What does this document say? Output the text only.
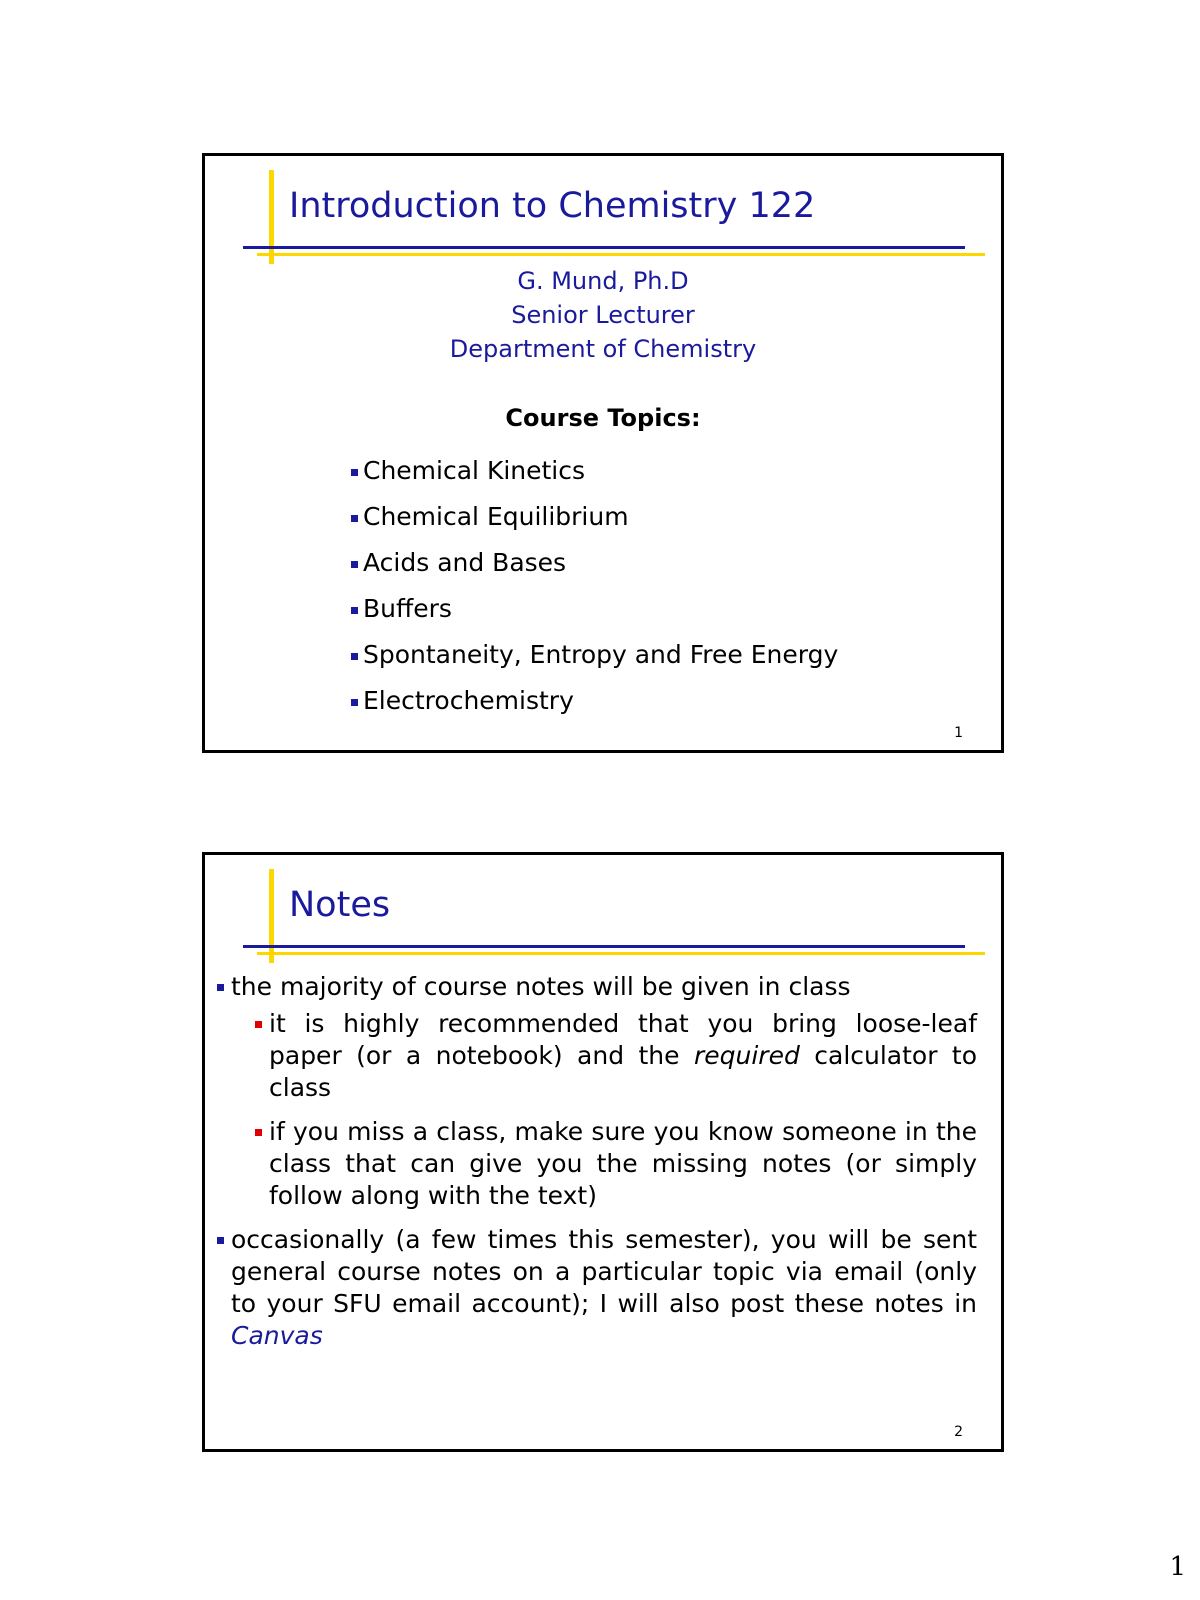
Introduction to Chemistry 122
G. Mund, Ph.D
Senior Lecturer
Department of Chemistry
Course Topics:
Chemical Kinetics
Chemical Equilibrium
Acids and Bases
Buffers
Spontaneity, Entropy and Free Energy
Electrochemistry
1
Notes
the majority of course notes will be given in class
it is highly recommended that you bring loose-leaf paper (or a notebook) and the required calculator to class
if you miss a class, make sure you know someone in the class that can give you the missing notes (or simply follow along with the text)
occasionally (a few times this semester), you will be sent general course notes on a particular topic via email (only to your SFU email account); I will also post these notes in Canvas
2
1
